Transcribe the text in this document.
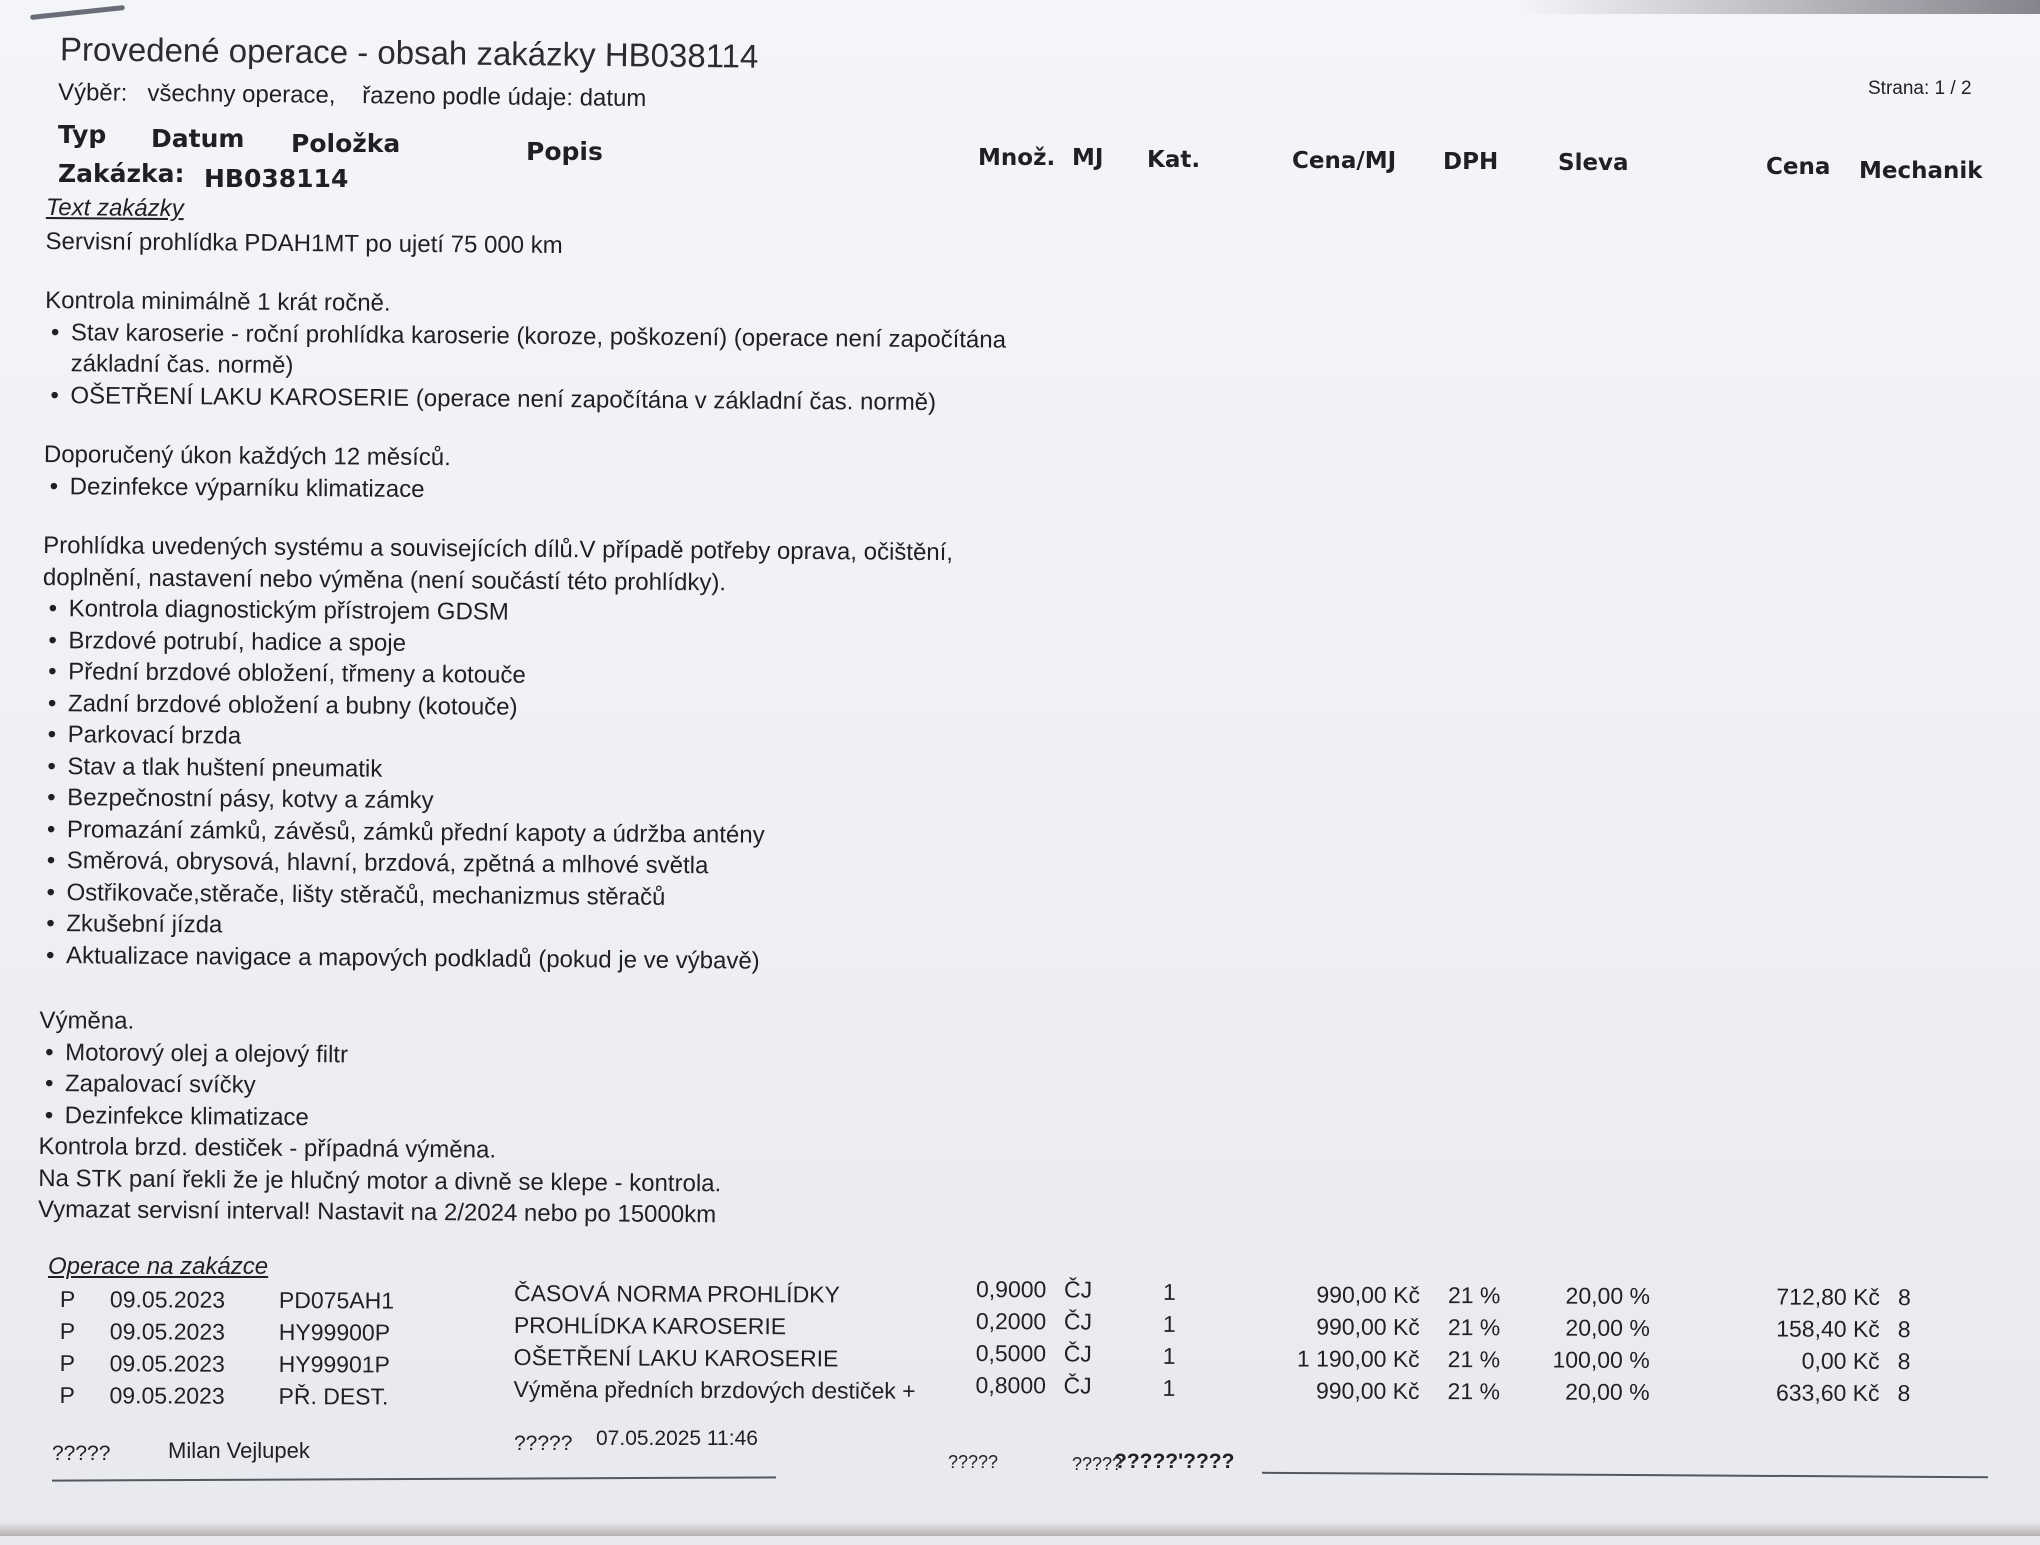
Provedené operace - obsah zakázky HB038114
Výběr: všechny operace, řazeno podle údaje: datum	Strana: 1 / 2
Typ Datum Položka	Popis	Množ. MJ Kat.	Cena/MJ DPH	Sleva	Cena Mechanik
Zakázka: HB038114
Text zakázky
Servisní prohlídka PDAH1MT po ujetí 75 000 km
Kontrola minimálně 1 krát ročně.
• Stav karoserie - roční prohlídka karoserie (koroze, poškození) (operace není započítána základní čas. normě)
• OŠETŘENÍ LAKU KAROSERIE (operace není započítána v základní čas. normě)
Doporučený úkon každých 12 měsíců.
• Dezinfekce výparníku klimatizace
Prohlídka uvedených systému a souvisejících dílů.V případě potřeby oprava, očištění,
doplnění, nastavení nebo výměna (není součástí této prohlídky).
• Kontrola diagnostickým přístrojem GDSM
• Brzdové potrubí, hadice a spoje
• Přední brzdové obložení, třmeny a kotouče
• Zadní brzdové obložení a bubny (kotouče)
• Parkovací brzda
• Stav a tlak huštení pneumatik
• Bezpečnostní pásy, kotvy a zámky
• Promazání zámků, závěsů, zámků přední kapoty a údržba antény
• Směrová, obrysová, hlavní, brzdová, zpětná a mlhové světla
• Ostřikovače,stěrače, lišty stěračů, mechanizmus stěračů
• Zkušební jízda
• Aktualizace navigace a mapových podkladů (pokud je ve výbavě)
Výměna.
• Motorový olej a olejový filtr
• Zapalovací svíčky
• Dezinfekce klimatizace
Kontrola brzd. destiček - případná výměna.
Na STK paní řekli že je hlučný motor a divně se klepe - kontrola.
Vymazat servisní interval! Nastavit na 2/2024 nebo po 15000km
Operace na zakázce
P 09.05.2023 PD075AH1	ČASOVÁ NORMA PROHLÍDKY	0,9000 ČJ	1	990,00 Kč 21 %	20,00 %	712,80 Kč 8
P 09.05.2023 HY99900P	PROHLÍDKA KAROSERIE	0,2000 ČJ	1	990,00 Kč 21 %	20,00 %	158,40 Kč 8
P 09.05.2023 HY99901P	OŠETŘENÍ LAKU KAROSERIE	0,5000 ČJ	1	1 190,00 Kč 21 %	100,00 %	0,00 Kč 8
P 09.05.2023 PŘ. DEST.	Výměna předních brzdových destiček +	0,8000 ČJ	1	990,00 Kč 21 %	20,00 %	633,60 Kč 8
?????	Milan Vejlupek	????? 07.05.2025 11:46
?????	?????
?????'????
